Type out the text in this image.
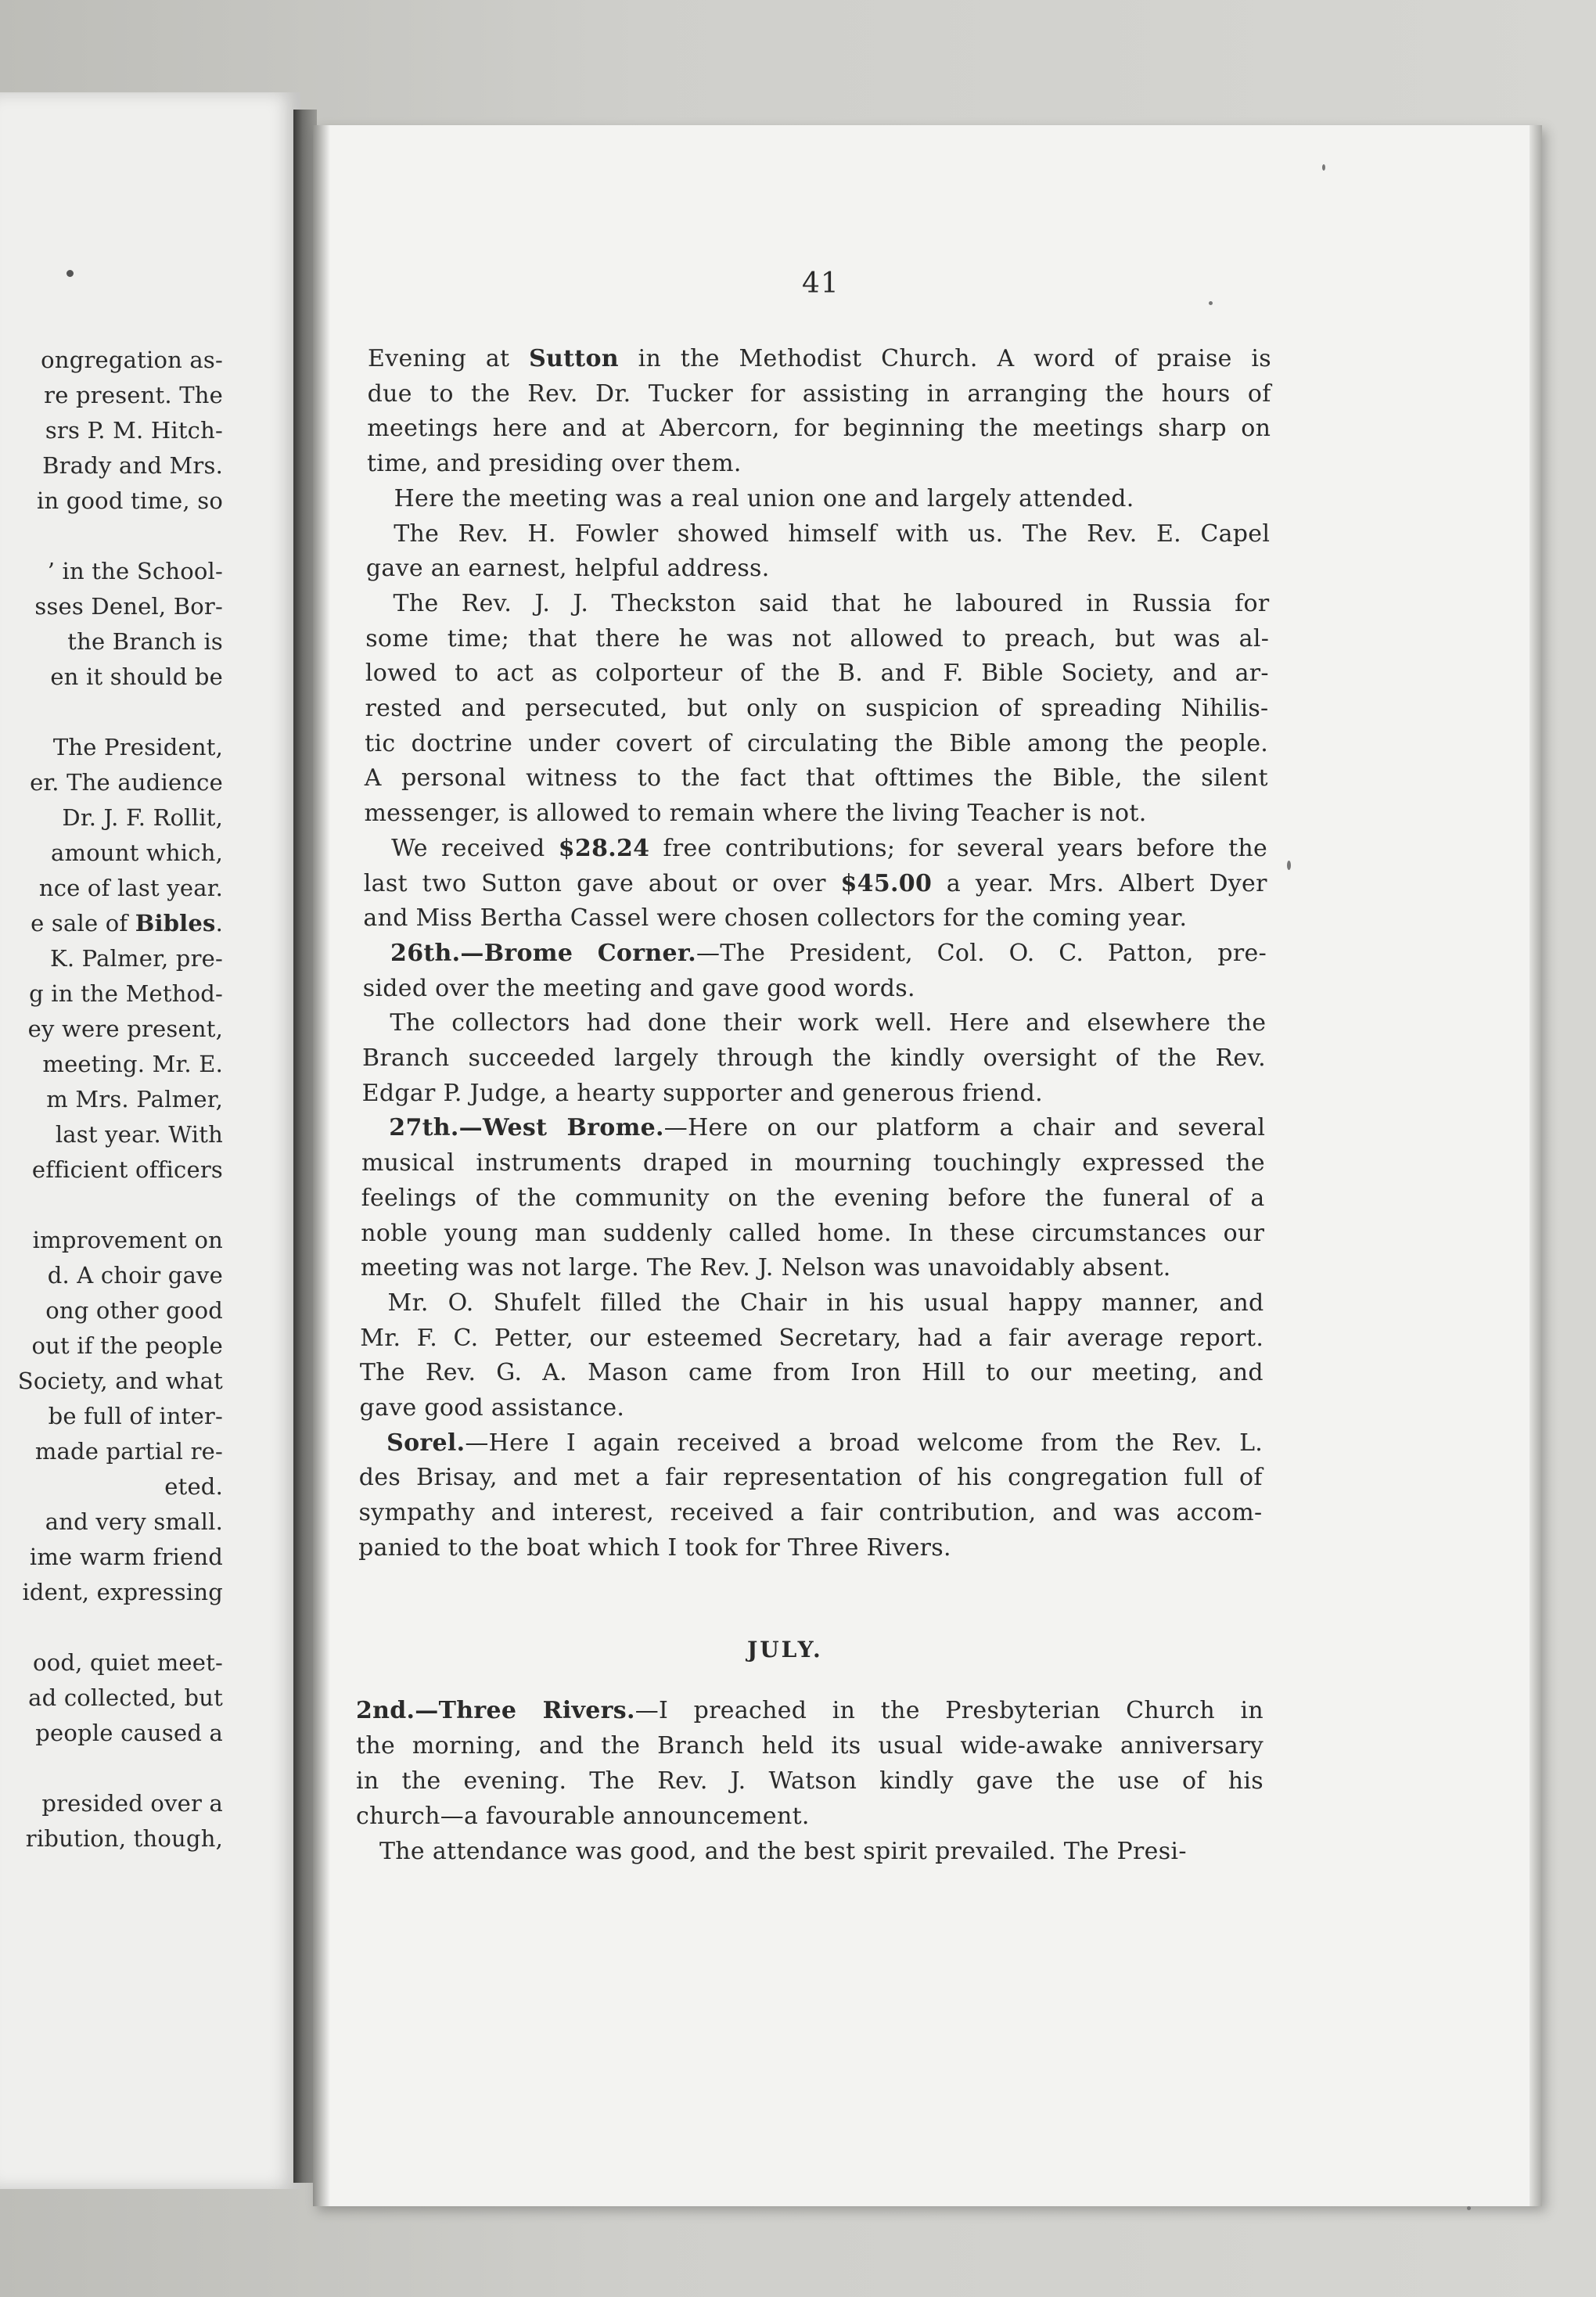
ongregation as-
re present. The
srs P. M. Hitch-
Brady and Mrs.
in good time, so
’ in the School-
sses Denel, Bor-
the Branch is
en it should be
The President,
er. The audience
Dr. J. F. Rollit,
amount which,
nce of last year.
e sale of Bibles.
K. Palmer, pre-
g in the Method-
ey were present,
meeting. Mr. E.
m Mrs. Palmer,
last year. With
efficient officers
improvement on
d. A choir gave
ong other good
out if the people
Society, and what
be full of inter-
made partial re-
eted.
and very small.
ime warm friend
ident, expressing
ood, quiet meet-
ad collected, but
people caused a
presided over a
ribution, though,
41
Evening at Sutton in the Methodist Church. A word of praise is
due to the Rev. Dr. Tucker for assisting in arranging the hours of
meetings here and at Abercorn, for beginning the meetings sharp on
time, and presiding over them.
Here the meeting was a real union one and largely attended.
The Rev. H. Fowler showed himself with us. The Rev. E. Capel
gave an earnest, helpful address.
The Rev. J. J. Theckston said that he laboured in Russia for
some time; that there he was not allowed to preach, but was al-
lowed to act as colporteur of the B. and F. Bible Society, and ar-
rested and persecuted, but only on suspicion of spreading Nihilis-
tic doctrine under covert of circulating the Bible among the people.
A personal witness to the fact that ofttimes the Bible, the silent
messenger, is allowed to remain where the living Teacher is not.
We received $28.24 free contributions; for several years before the
last two Sutton gave about or over $45.00 a year. Mrs. Albert Dyer
and Miss Bertha Cassel were chosen collectors for the coming year.
26th.—Brome Corner.—The President, Col. O. C. Patton, pre-
sided over the meeting and gave good words.
The collectors had done their work well. Here and elsewhere the
Branch succeeded largely through the kindly oversight of the Rev.
Edgar P. Judge, a hearty supporter and generous friend.
27th.—West Brome.—Here on our platform a chair and several
musical instruments draped in mourning touchingly expressed the
feelings of the community on the evening before the funeral of a
noble young man suddenly called home. In these circumstances our
meeting was not large. The Rev. J. Nelson was unavoidably absent.
Mr. O. Shufelt filled the Chair in his usual happy manner, and
Mr. F. C. Petter, our esteemed Secretary, had a fair average report.
The Rev. G. A. Mason came from Iron Hill to our meeting, and
gave good assistance.
Sorel.—Here I again received a broad welcome from the Rev. L.
des Brisay, and met a fair representation of his congregation full of
sympathy and interest, received a fair contribution, and was accom-
panied to the boat which I took for Three Rivers.
JULY.
2nd.—Three Rivers.—I preached in the Presbyterian Church in
the morning, and the Branch held its usual wide-awake anniversary
in the evening. The Rev. J. Watson kindly gave the use of his
church—a favourable announcement.
The attendance was good, and the best spirit prevailed. The Presi-
